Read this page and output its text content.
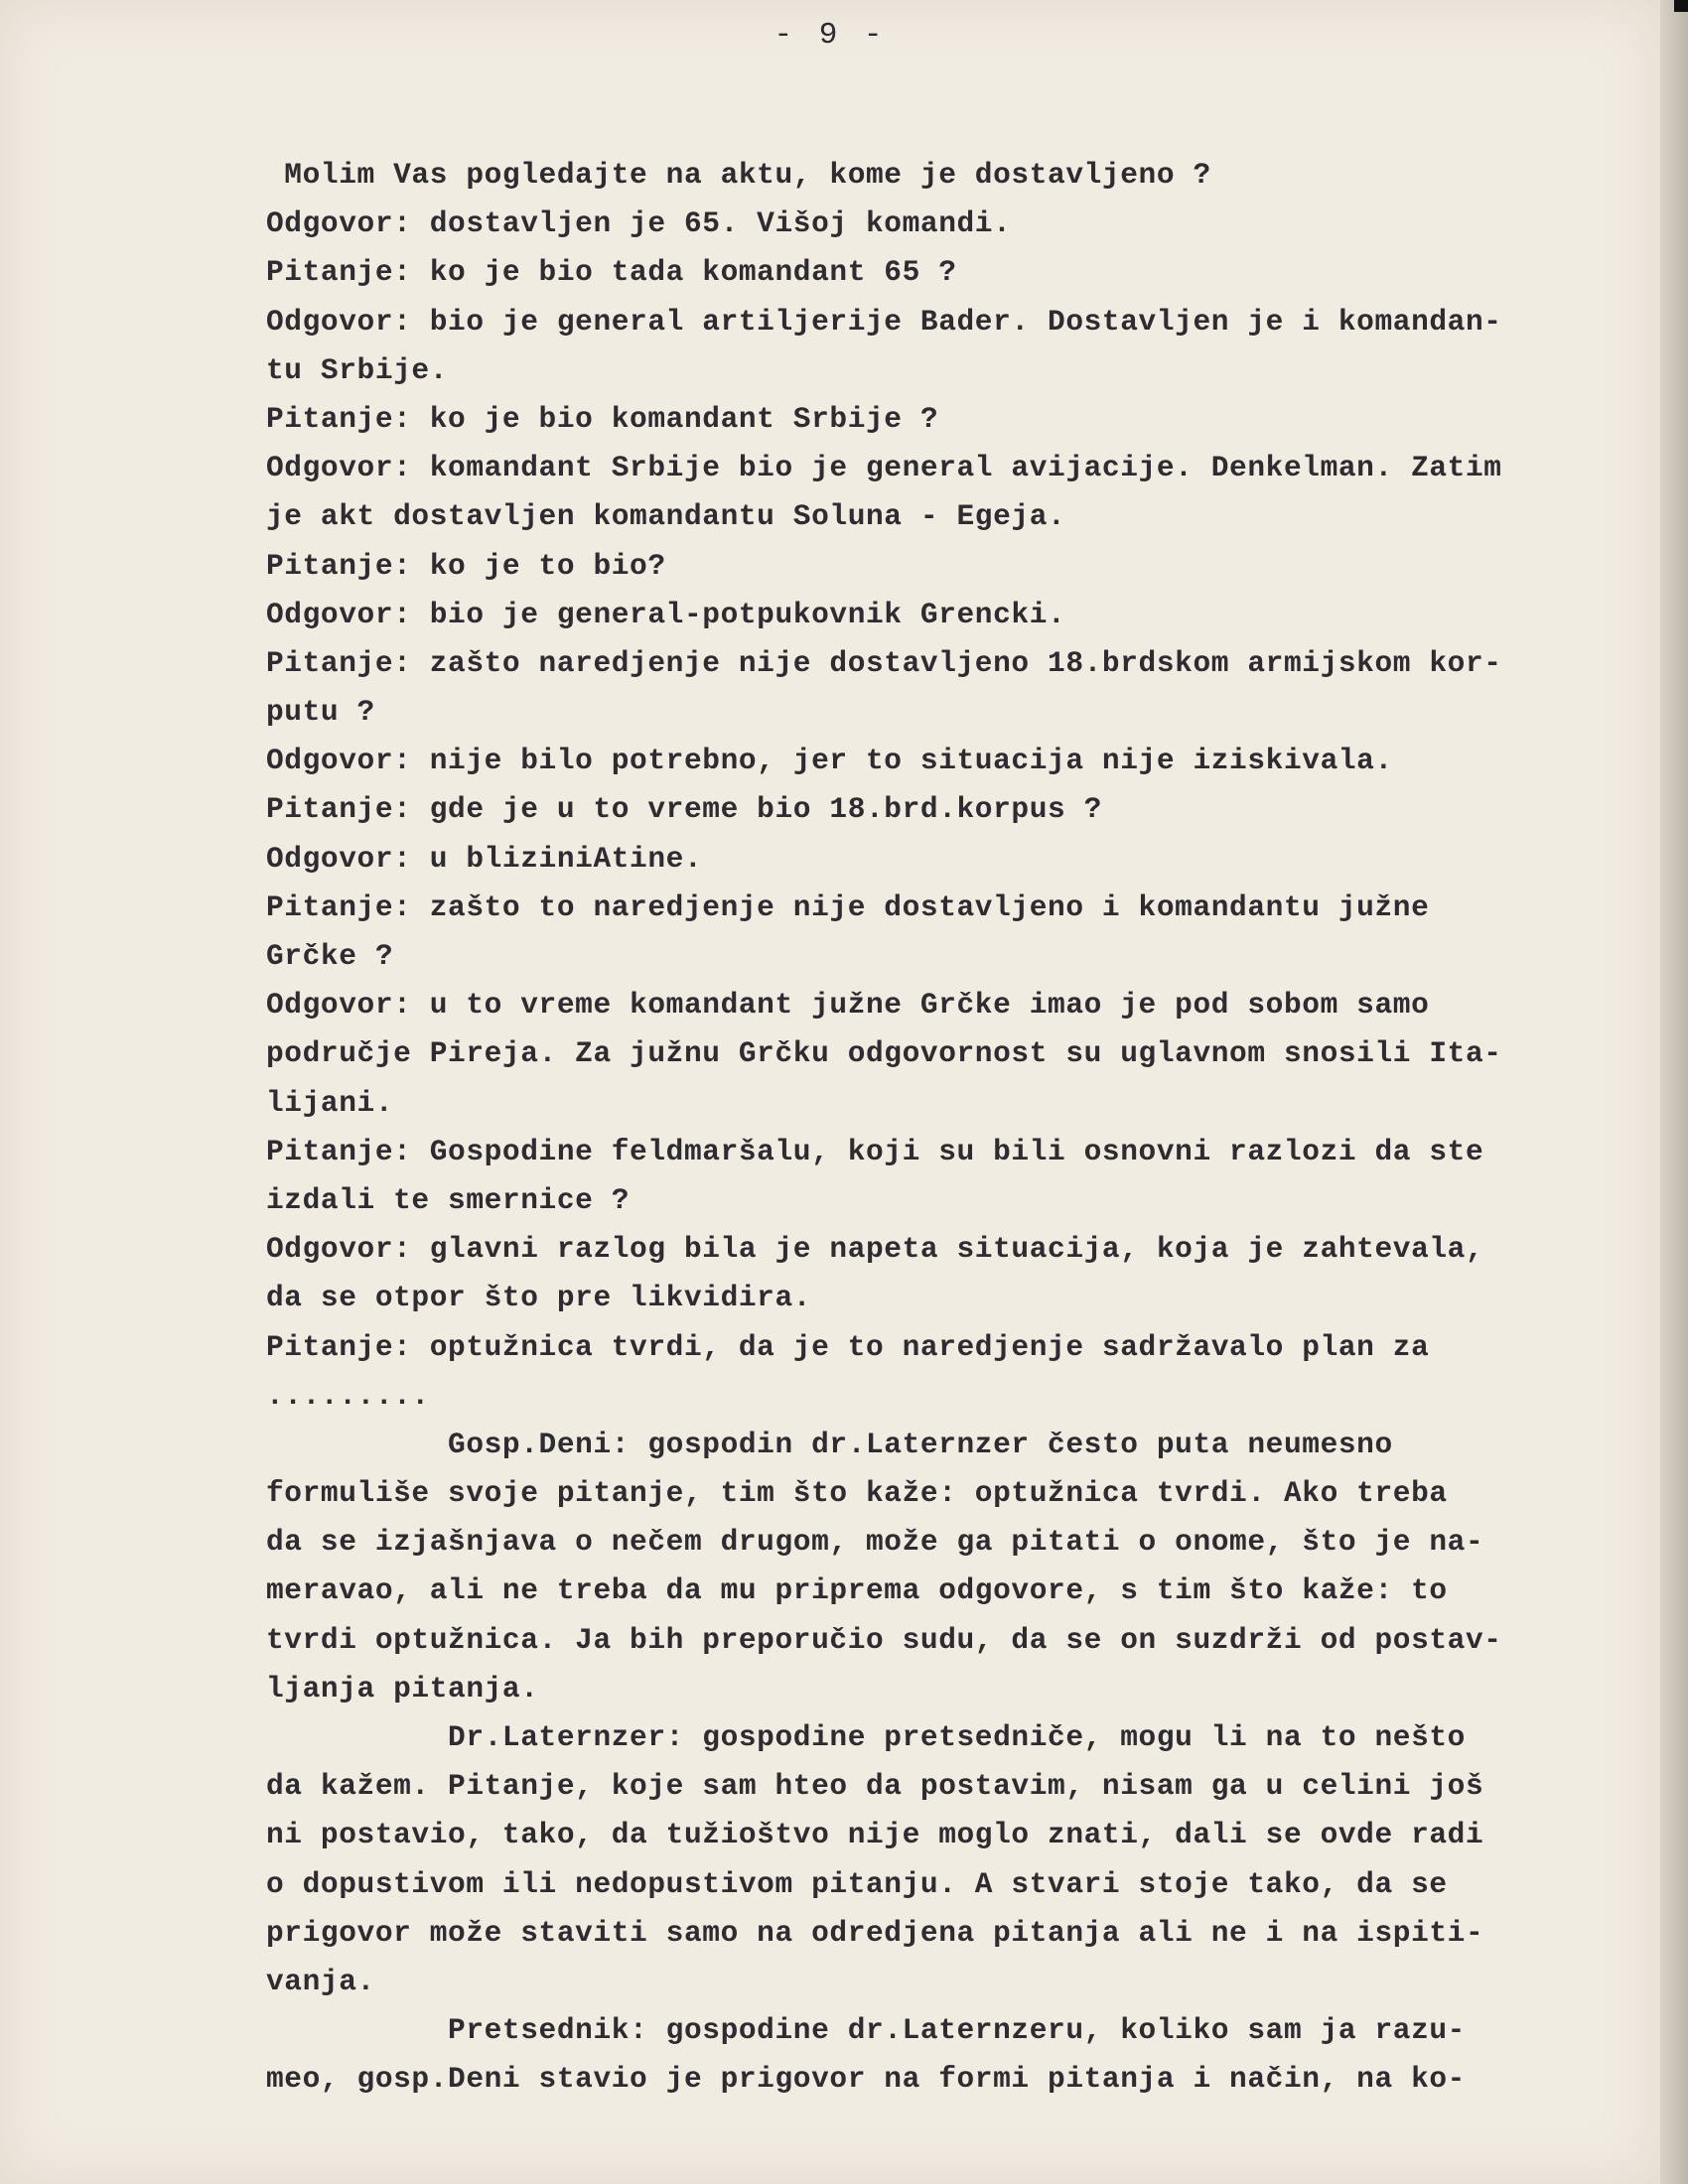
- 9 -
Molim Vas pogledajte na aktu, kome je dostavljeno ?
Odgovor: dostavljen je 65. Višoj komandi.
Pitanje: ko je bio tada komandant 65 ?
Odgovor: bio je general artiljerije Bader. Dostavljen je i komandan-
tu Srbije.
Pitanje: ko je bio komandant Srbije ?
Odgovor: komandant Srbije bio je general avijacije. Denkelman. Zatim
je akt dostavljen komandantu Soluna - Egeja.
Pitanje: ko je to bio?
Odgovor: bio je general-potpukovnik Grencki.
Pitanje: zašto naredjenje nije dostavljeno 18.brdskom armijskom kor-
putu ?
Odgovor: nije bilo potrebno, jer to situacija nije iziskivala.
Pitanje: gde je u to vreme bio 18.brd.korpus ?
Odgovor: u bliziniAtine.
Pitanje: zašto to naredjenje nije dostavljeno i komandantu južne
Grčke ?
Odgovor: u to vreme komandant južne Grčke imao je pod sobom samo
područje Pireja. Za južnu Grčku odgovornost su uglavnom snosili Ita-
lijani.
Pitanje: Gospodine feldmaršalu, koji su bili osnovni razlozi da ste
izdali te smernice ?
Odgovor: glavni razlog bila je napeta situacija, koja je zahtevala,
da se otpor što pre likvidira.
Pitanje: optužnica tvrdi, da je to naredjenje sadržavalo plan za
.........
Gosp.Deni: gospodin dr.Laternzer često puta neumesno
formuliše svoje pitanje, tim što kaže: optužnica tvrdi. Ako treba
da se izjašnjava o nečem drugom, može ga pitati o onome, što je na-
meravao, ali ne treba da mu priprema odgovore, s tim što kaže: to
tvrdi optužnica. Ja bih preporučio sudu, da se on suzdrži od postav-
ljanja pitanja.
Dr.Laternzer: gospodine pretsedniče, mogu li na to nešto
da kažem. Pitanje, koje sam hteo da postavim, nisam ga u celini još
ni postavio, tako, da tužioštvo nije moglo znati, dali se ovde radi
o dopustivom ili nedopustivom pitanju. A stvari stoje tako, da se
prigovor može staviti samo na odredjena pitanja ali ne i na ispiti-
vanja.
Pretsednik: gospodine dr.Laternzeru, koliko sam ja razu-
meo, gosp.Deni stavio je prigovor na formi pitanja i način, na ko-
